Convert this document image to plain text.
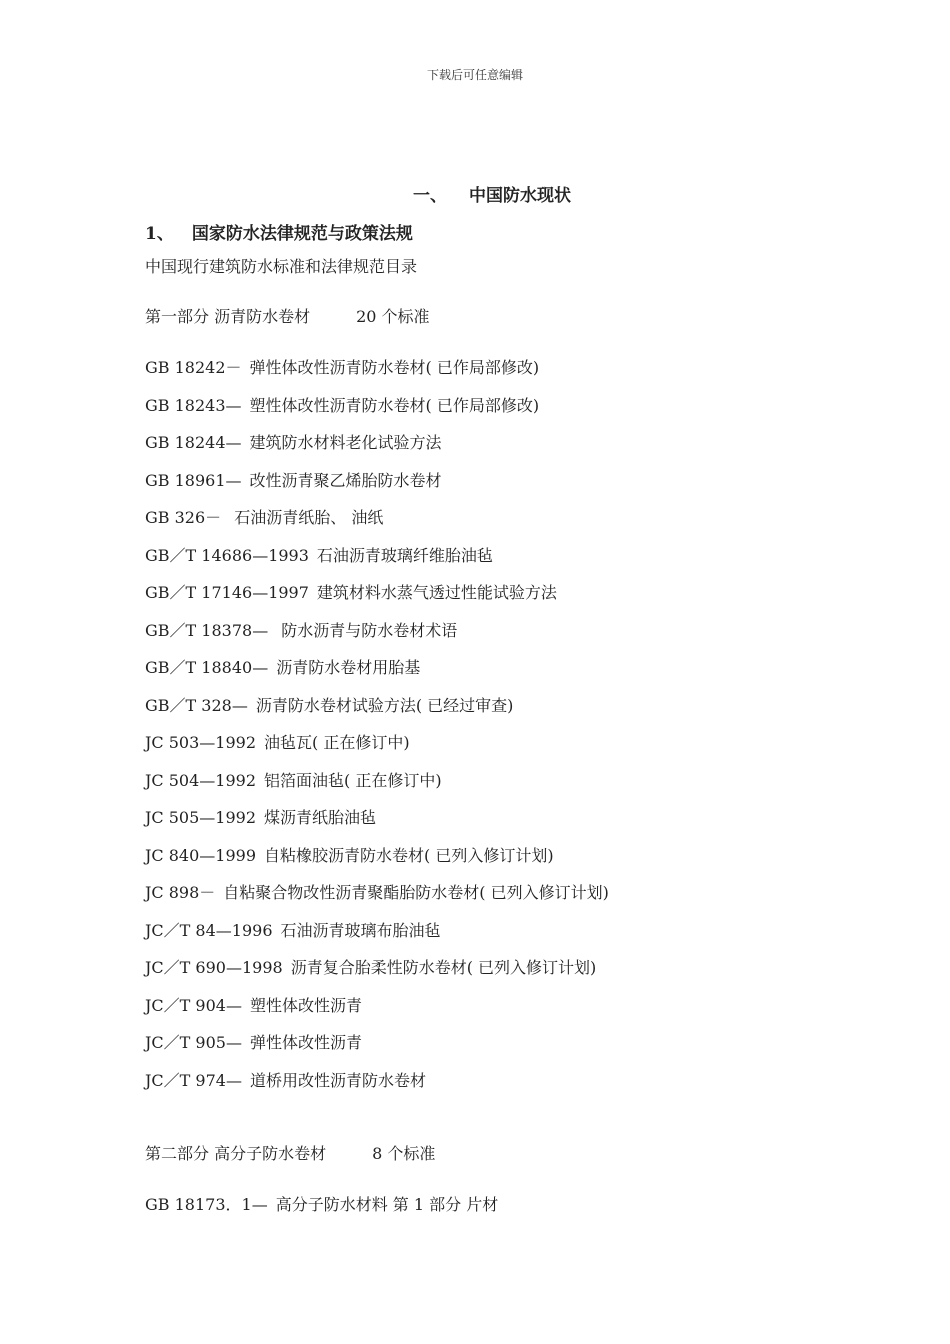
下载后可任意编辑
一、 中国防水现状
1、 国家防水法律规范与政策法规
中国现行建筑防水标准和法律规范目录
第一部分 沥青防水卷材	20 个标准
GB 18242－ 弹性体改性沥青防水卷材( 已作局部修改)
GB 18243— 塑性体改性沥青防水卷材( 已作局部修改)
GB 18244— 建筑防水材料老化试验方法
GB 18961— 改性沥青聚乙烯胎防水卷材
GB 326－ 石油沥青纸胎、 油纸
GB／T 14686—1993 石油沥青玻璃纤维胎油毡
GB／T 17146—1997 建筑材料水蒸气透过性能试验方法
GB／T 18378— 防水沥青与防水卷材术语
GB／T 18840— 沥青防水卷材用胎基
GB／T 328— 沥青防水卷材试验方法( 已经过审查)
JC 503—1992 油毡瓦( 正在修订中)
JC 504—1992 铝箔面油毡( 正在修订中)
JC 505—1992 煤沥青纸胎油毡
JC 840—1999 自粘橡胶沥青防水卷材( 已列入修订计划)
JC 898－ 自粘聚合物改性沥青聚酯胎防水卷材( 已列入修订计划)
JC／T 84—1996 石油沥青玻璃布胎油毡
JC／T 690—1998 沥青复合胎柔性防水卷材( 已列入修订计划)
JC／T 904— 塑性体改性沥青
JC／T 905— 弹性体改性沥青
JC／T 974— 道桥用改性沥青防水卷材
第二部分 高分子防水卷材	8 个标准
GB 18173．1— 高分子防水材料 第 1 部分 片材
